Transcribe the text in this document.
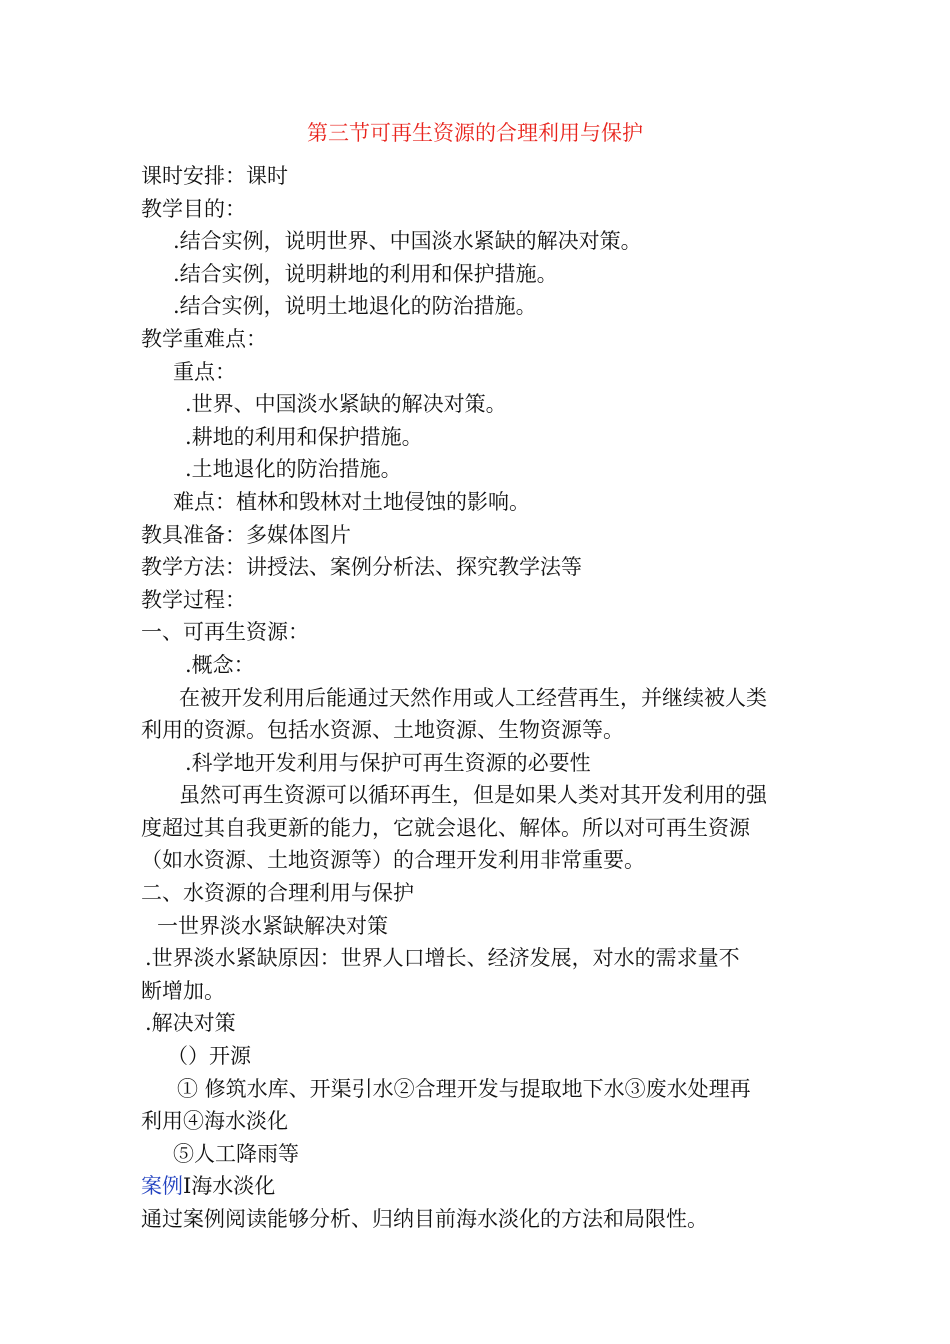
第三节可再生资源的合理利用与保护
课时安排：课时
教学目的：
.结合实例，说明世界、中国淡水紧缺的解决对策。
.结合实例，说明耕地的利用和保护措施。
.结合实例，说明土地退化的防治措施。
教学重难点：
重点：
.世界、中国淡水紧缺的解决对策。
.耕地的利用和保护措施。
.土地退化的防治措施。
难点：植林和毁林对土地侵蚀的影响。
教具准备：多媒体图片
教学方法：讲授法、案例分析法、探究教学法等
教学过程：
一、可再生资源：
.概念：
在被开发利用后能通过天然作用或人工经营再生，并继续被人类
利用的资源。包括水资源、土地资源、生物资源等。
.科学地开发利用与保护可再生资源的必要性
虽然可再生资源可以循环再生，但是如果人类对其开发利用的强
度超过其自我更新的能力，它就会退化、解体。所以对可再生资源
（如水资源、土地资源等）的合理开发利用非常重要。
二、水资源的合理利用与保护
一世界淡水紧缺解决对策
.世界淡水紧缺原因：世界人口增长、经济发展，对水的需求量不
断增加。
.解决对策
（）开源
① 修筑水库、开渠引水②合理开发与提取地下水③废水处理再
利用④海水淡化
⑤人工降雨等
案例I海水淡化
通过案例阅读能够分析、归纳目前海水淡化的方法和局限性。
